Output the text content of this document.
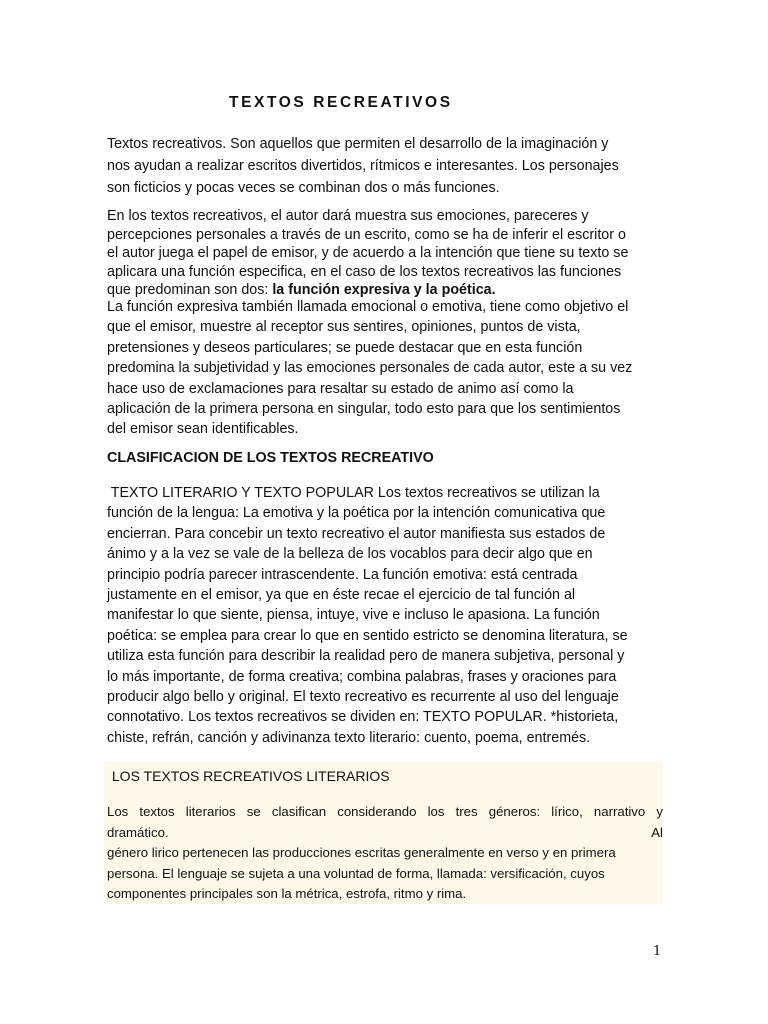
TEXTOS RECREATIVOS
Textos recreativos. Son aquellos que permiten el desarrollo de la imaginación y
nos ayudan a realizar escritos divertidos, rítmicos e interesantes. Los personajes
son ficticios y pocas veces se combinan dos o más funciones.
En los textos recreativos, el autor dará muestra sus emociones, pareceres y
percepciones personales a través de un escrito, como se ha de inferir el escritor o
el autor juega el papel de emisor, y de acuerdo a la intención que tiene su texto se
aplicara una función especifica, en el caso de los textos recreativos las funciones
que predominan son dos: la función expresiva y la poética.
La función expresiva también llamada emocional o emotiva, tiene como objetivo el
que el emisor, muestre al receptor sus sentires, opiniones, puntos de vista,
pretensiones y deseos particulares; se puede destacar que en esta función
predomina la subjetividad y las emociones personales de cada autor, este a su vez
hace uso de exclamaciones para resaltar su estado de animo así como la
aplicación de la primera persona en singular, todo esto para que los sentimientos
del emisor sean identificables.
CLASIFICACION DE LOS TEXTOS RECREATIVO
TEXTO LITERARIO Y TEXTO POPULAR Los textos recreativos se utilizan la
función de la lengua: La emotiva y la poética por la intención comunicativa que
encierran. Para concebir un texto recreativo el autor manifiesta sus estados de
ánimo y a la vez se vale de la belleza de los vocablos para decir algo que en
principio podría parecer intrascendente. La función emotiva: está centrada
justamente en el emisor, ya que en éste recae el ejercicio de tal función al
manifestar lo que siente, piensa, intuye, vive e incluso le apasiona. La función
poética: se emplea para crear lo que en sentido estricto se denomina literatura, se
utiliza esta función para describir la realidad pero de manera subjetiva, personal y
lo más importante, de forma creativa; combina palabras, frases y oraciones para
producir algo bello y original. El texto recreativo es recurrente al uso del lenguaje
connotativo. Los textos recreativos se dividen en: TEXTO POPULAR. *historieta,
chiste, refrán, canción y adivinanza texto literario: cuento, poema, entremés.
LOS TEXTOS RECREATIVOS LITERARIOS
Los textos literarios se clasifican considerando los tres géneros: lírico, narrativo y
dramático. Al
género lirico pertenecen las producciones escritas generalmente en verso y en primera
persona. El lenguaje se sujeta a una voluntad de forma, llamada: versificación, cuyos
componentes principales son la métrica, estrofa, ritmo y rima.
1
